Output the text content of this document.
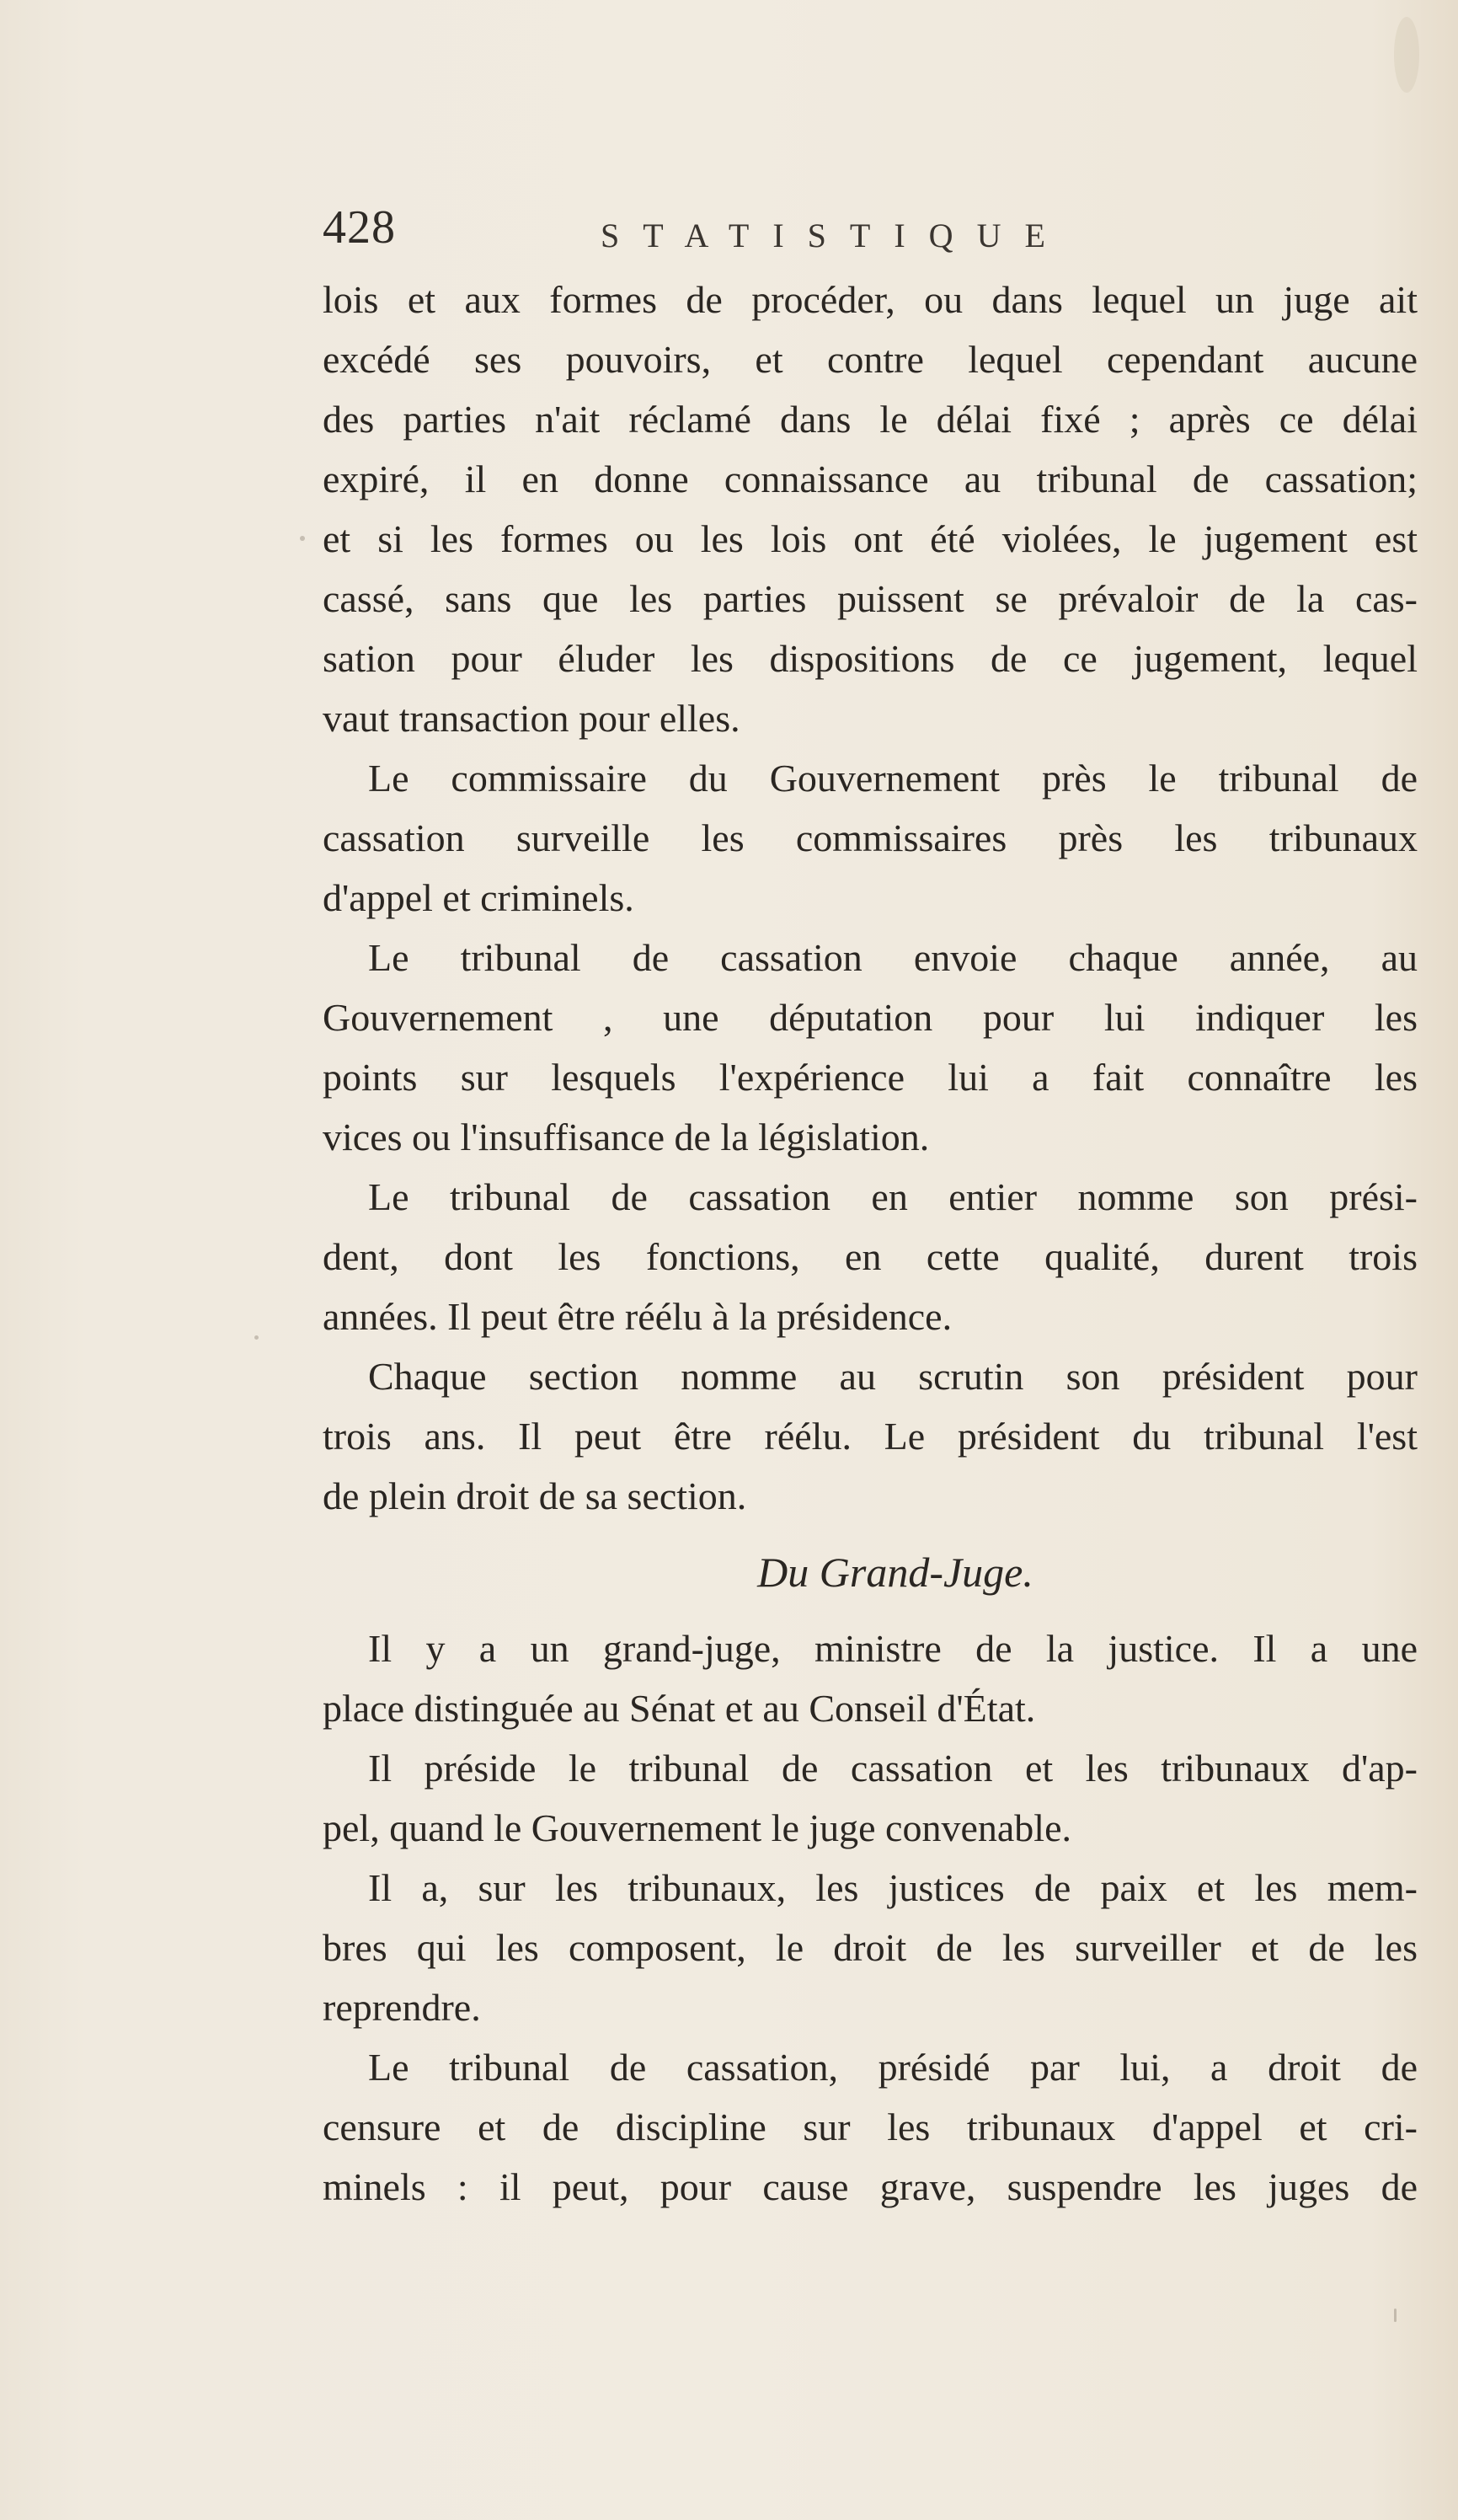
428	STATISTIQUE
lois et aux formes de procéder, ou dans lequel un juge ait
excédé ses pouvoirs, et contre lequel cependant aucune
des parties n'ait réclamé dans le délai fixé ; après ce délai
expiré, il en donne connaissance au tribunal de cassation;
et si les formes ou les lois ont été violées, le jugement est
cassé, sans que les parties puissent se prévaloir de la cas-
sation pour éluder les dispositions de ce jugement, lequel
vaut transaction pour elles.
Le commissaire du Gouvernement près le tribunal de
cassation surveille les commissaires près les tribunaux
d'appel et criminels.
Le tribunal de cassation envoie chaque année, au
Gouvernement , une députation pour lui indiquer les
points sur lesquels l'expérience lui a fait connaître les
vices ou l'insuffisance de la législation.
Le tribunal de cassation en entier nomme son prési-
dent, dont les fonctions, en cette qualité, durent trois
années. Il peut être réélu à la présidence.
Chaque section nomme au scrutin son président pour
trois ans. Il peut être réélu. Le président du tribunal l'est
de plein droit de sa section.
Du Grand-Juge.
Il y a un grand-juge, ministre de la justice. Il a une
place distinguée au Sénat et au Conseil d'État.
Il préside le tribunal de cassation et les tribunaux d'ap-
pel, quand le Gouvernement le juge convenable.
Il a, sur les tribunaux, les justices de paix et les mem-
bres qui les composent, le droit de les surveiller et de les
reprendre.
Le tribunal de cassation, présidé par lui, a droit de
censure et de discipline sur les tribunaux d'appel et cri-
minels : il peut, pour cause grave, suspendre les juges de
